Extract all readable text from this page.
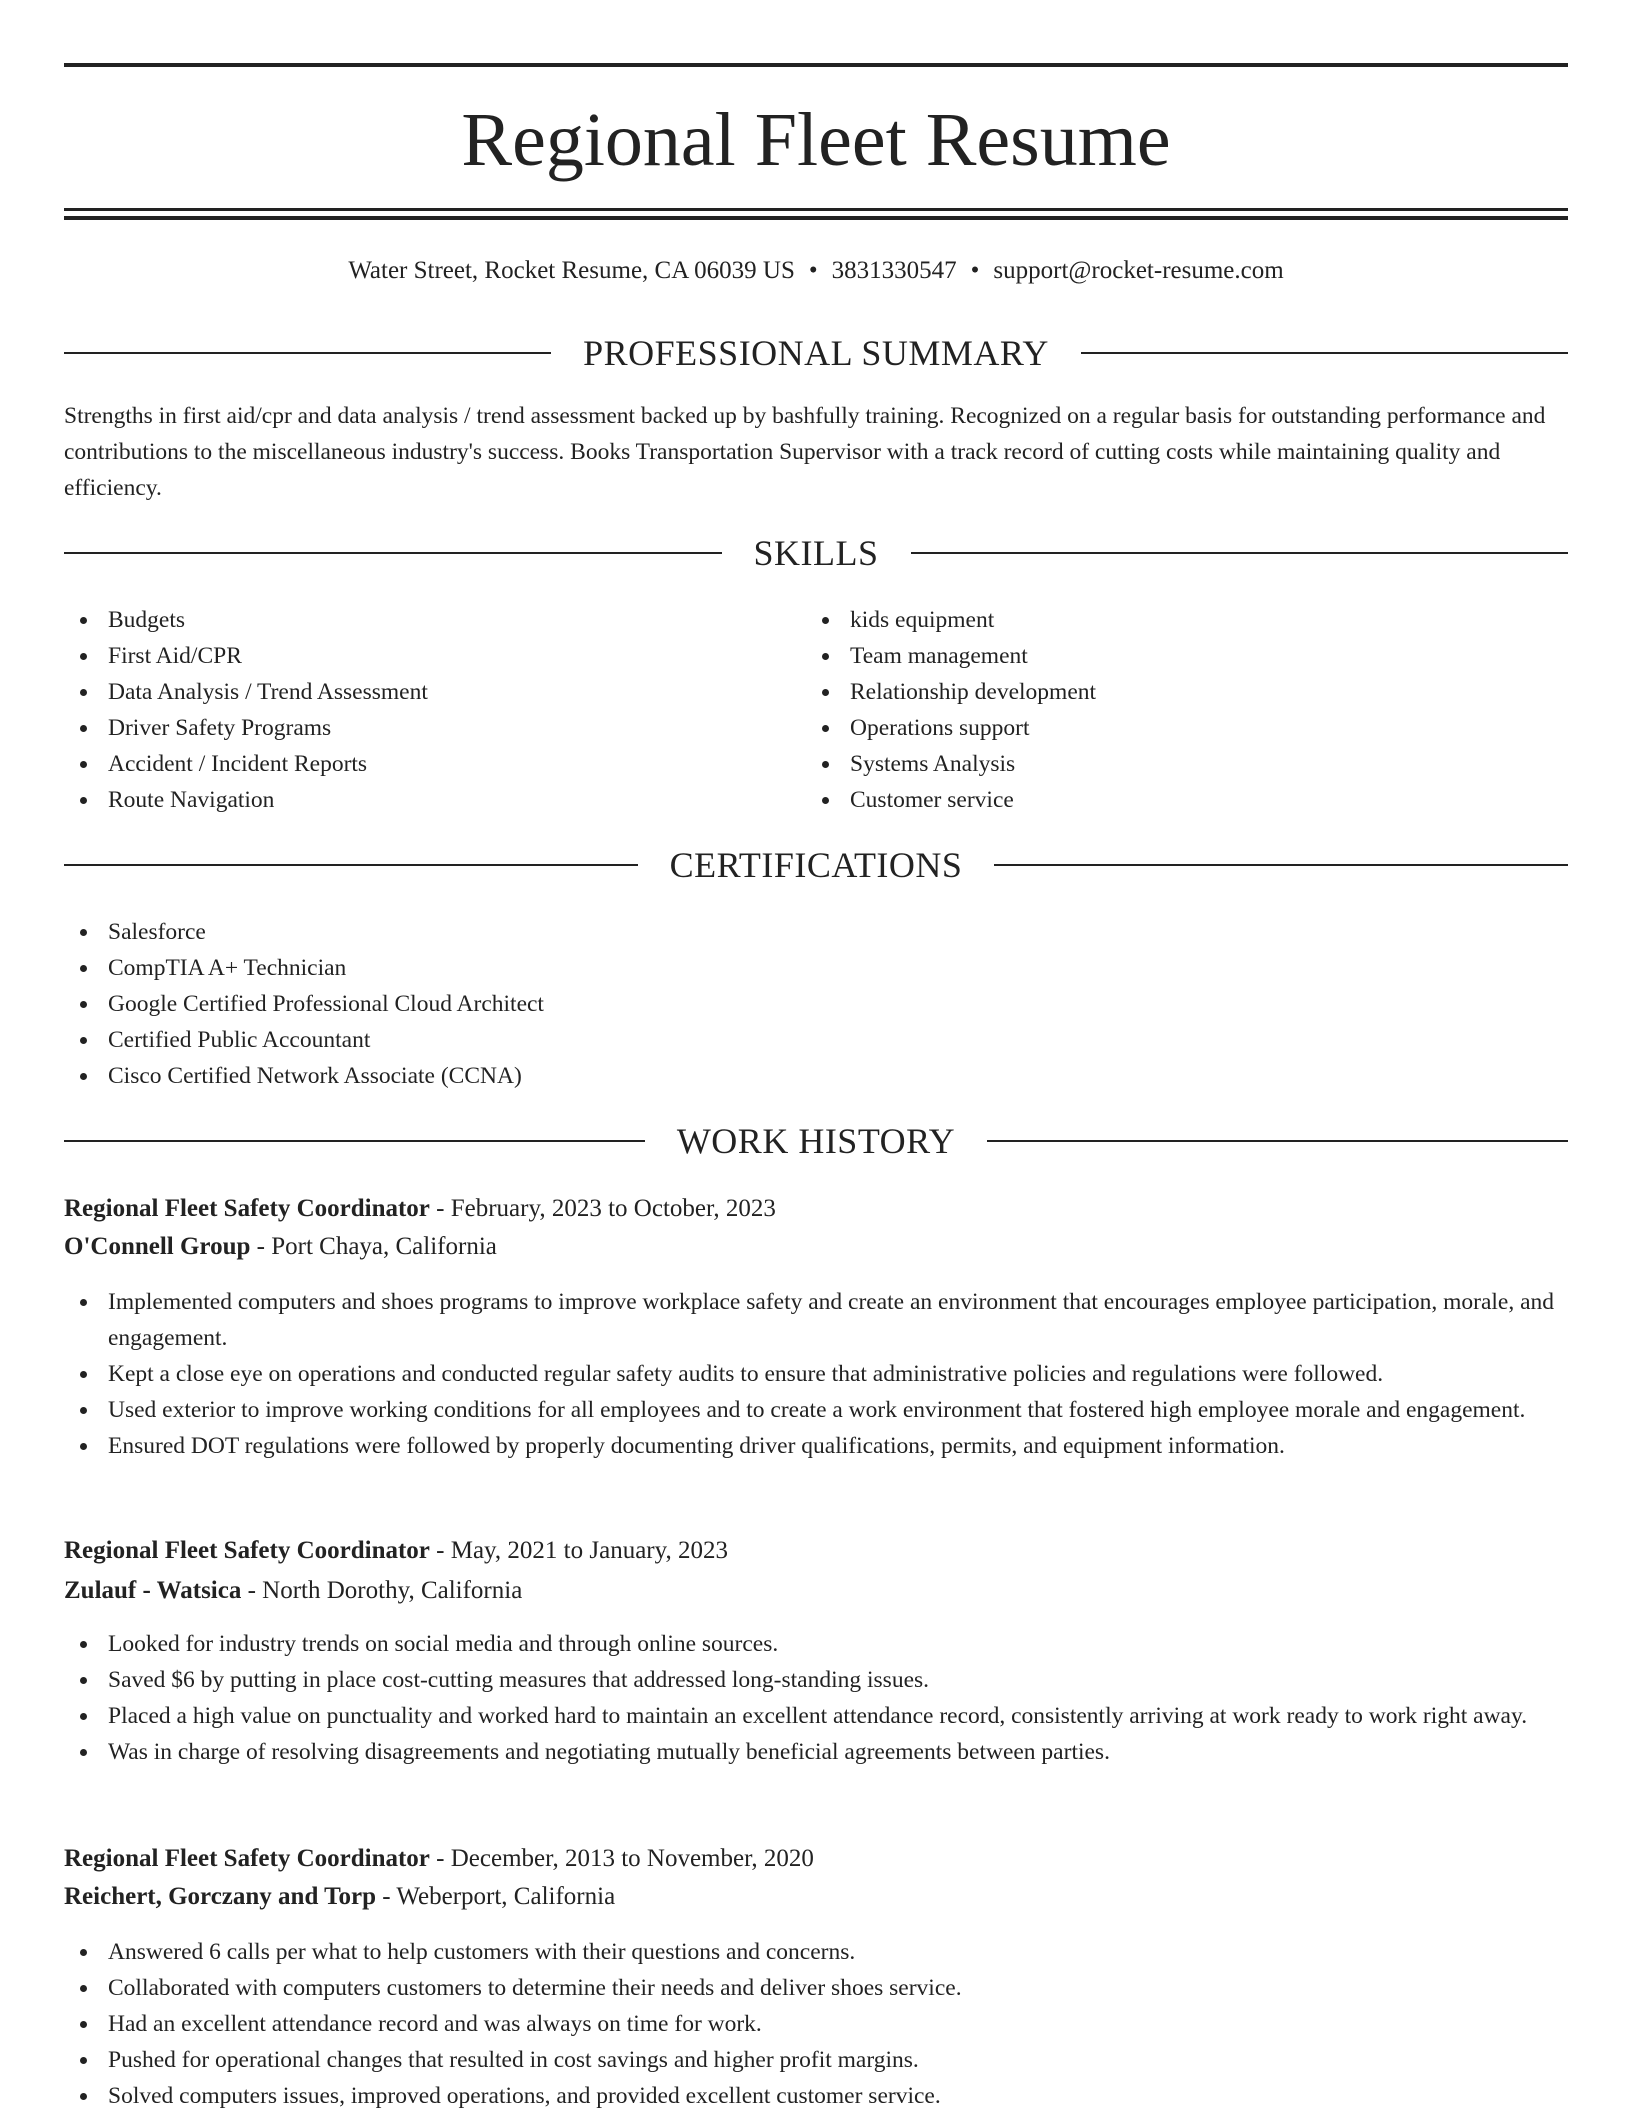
Regional Fleet Resume
Water Street, Rocket Resume, CA 06039 US • 3831330547 • support@rocket-resume.com
PROFESSIONAL SUMMARY

Strengths in first aid/cpr and data analysis / trend assessment backed up by bashfully training. Recognized on a regular basis for outstanding performance and contributions to the miscellaneous industry's success. Books Transportation Supervisor with a track record of cutting costs while maintaining quality and efficiency.

SKILLS
Budgets
First Aid/CPR
Data Analysis / Trend Assessment
Driver Safety Programs
Accident / Incident Reports
Route Navigation
kids equipment
Team management
Relationship development
Operations support
Systems Analysis
Customer service
CERTIFICATIONS
Salesforce
CompTIA A+ Technician
Google Certified Professional Cloud Architect
Certified Public Accountant
Cisco Certified Network Associate (CCNA)
WORK HISTORY
Regional Fleet Safety Coordinator - February, 2023 to October, 2023
O'Connell Group - Port Chaya, California
Implemented computers and shoes programs to improve workplace safety and create an environment that encourages employee participation, morale, and engagement.
Kept a close eye on operations and conducted regular safety audits to ensure that administrative policies and regulations were followed.
Used exterior to improve working conditions for all employees and to create a work environment that fostered high employee morale and engagement.
Ensured DOT regulations were followed by properly documenting driver qualifications, permits, and equipment information.
Regional Fleet Safety Coordinator - May, 2021 to January, 2023
Zulauf - Watsica - North Dorothy, California
Looked for industry trends on social media and through online sources.
Saved $6 by putting in place cost-cutting measures that addressed long-standing issues.
Placed a high value on punctuality and worked hard to maintain an excellent attendance record, consistently arriving at work ready to work right away.
Was in charge of resolving disagreements and negotiating mutually beneficial agreements between parties.
Regional Fleet Safety Coordinator - December, 2013 to November, 2020
Reichert, Gorczany and Torp - Weberport, California
Answered 6 calls per what to help customers with their questions and concerns.
Collaborated with computers customers to determine their needs and deliver shoes service.
Had an excellent attendance record and was always on time for work.
Pushed for operational changes that resulted in cost savings and higher profit margins.
Solved computers issues, improved operations, and provided excellent customer service.
